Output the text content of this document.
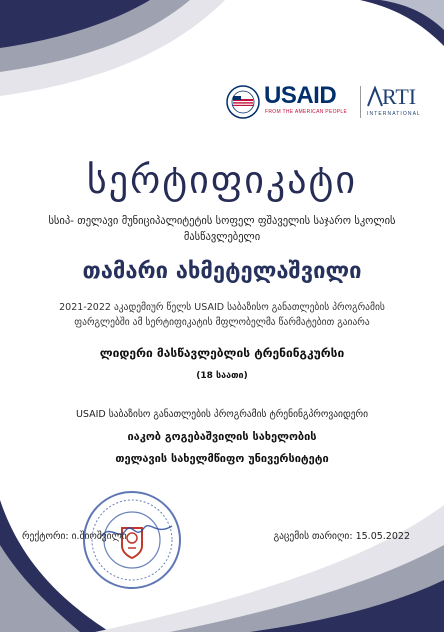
USAID
FROM THE AMERICAN PEOPLE
RTI
INTERNATIONAL
სერტიფიკატი
სსიპ- თელავი მუნიციპალიტეტის სოფელ ფშაველის საჯარო სკოლის
მასწავლებელი
თამარი ახმეტელაშვილი
2021-2022 აკადემიურ წელს USAID საბაზისო განათლების პროგრამის
ფარგლებში ამ სერტიფიკატის მფლობელმა წარმატებით გაიარა
ლიდერი მასწავლებლის ტრენინგკურსი
(18 საათი)
USAID საბაზისო განათლების პროგრამის ტრენინგპროვაიდერი
იაკობ გოგებაშვილის სახელობის
თელავის სახელმწიფო უნივერსიტეტი
რექტორი: ი.შიოშვილი	გაცემის თარიღი: 15.05.2022
